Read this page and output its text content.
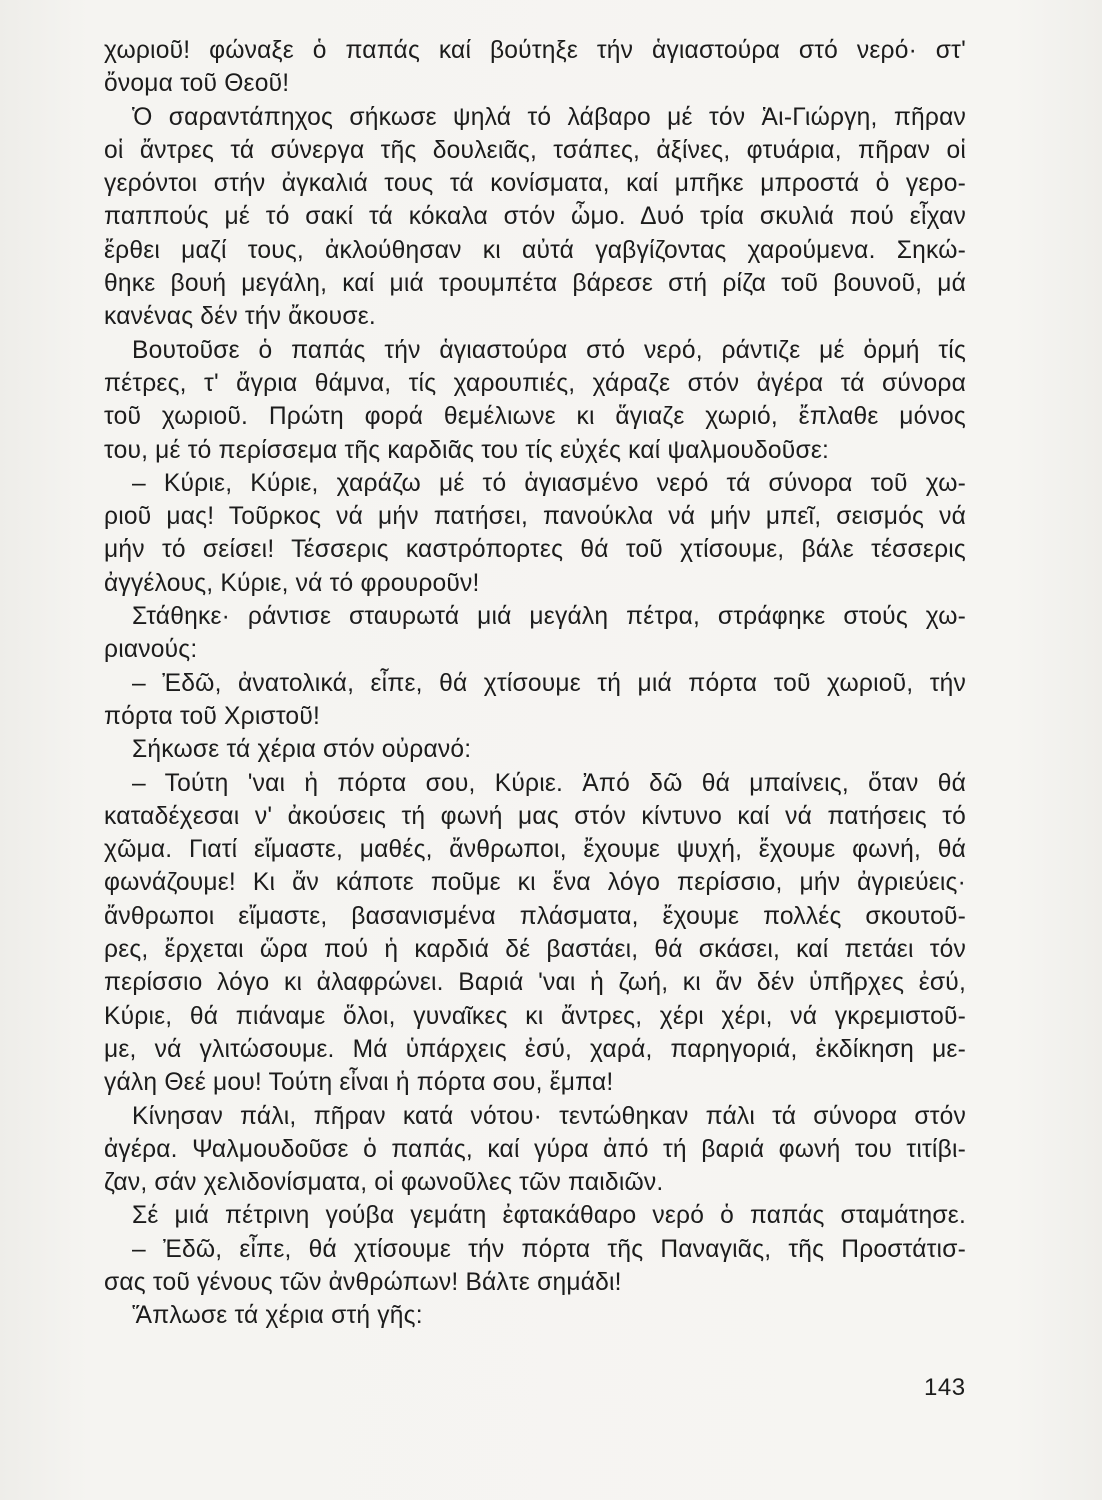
χωριοῦ! φώναξε ὁ παπάς καί βούτηξε τήν ἁγιαστούρα στό νερό· στ'
ὄνομα τοῦ Θεοῦ!
Ὁ σαραντάπηχος σήκωσε ψηλά τό λάβαρο μέ τόν Ἁι-Γιώργη, πῆραν
οἱ ἄντρες τά σύνεργα τῆς δουλειᾶς, τσάπες, ἀξίνες, φτυάρια, πῆραν οἱ
γερόντοι στήν ἀγκαλιά τους τά κονίσματα, καί μπῆκε μπροστά ὁ γερο-
παππούς μέ τό σακί τά κόκαλα στόν ὦμο. Δυό τρία σκυλιά πού εἶχαν
ἔρθει μαζί τους, ἀκλούθησαν κι αὐτά γαβγίζοντας χαρούμενα. Σηκώ-
θηκε βουή μεγάλη, καί μιά τρουμπέτα βάρεσε στή ρίζα τοῦ βουνοῦ, μά
κανένας δέν τήν ἄκουσε.
Βουτοῦσε ὁ παπάς τήν ἁγιαστούρα στό νερό, ράντιζε μέ ὁρμή τίς
πέτρες, τ' ἄγρια θάμνα, τίς χαρουπιές, χάραζε στόν ἀγέρα τά σύνορα
τοῦ χωριοῦ. Πρώτη φορά θεμέλιωνε κι ἅγιαζε χωριό, ἔπλαθε μόνος
του, μέ τό περίσσεμα τῆς καρδιᾶς του τίς εὐχές καί ψαλμουδοῦσε:
– Κύριε, Κύριε, χαράζω μέ τό ἁγιασμένο νερό τά σύνορα τοῦ χω-
ριοῦ μας! Τοῦρκος νά μήν πατήσει, πανούκλα νά μήν μπεῖ, σεισμός νά
μήν τό σείσει! Τέσσερις καστρόπορτες θά τοῦ χτίσουμε, βάλε τέσσερις
ἀγγέλους, Κύριε, νά τό φρουροῦν!
Στάθηκε· ράντισε σταυρωτά μιά μεγάλη πέτρα, στράφηκε στούς χω-
ριανούς:
– Ἐδῶ, ἀνατολικά, εἶπε, θά χτίσουμε τή μιά πόρτα τοῦ χωριοῦ, τήν
πόρτα τοῦ Χριστοῦ!
Σήκωσε τά χέρια στόν οὐρανό:
– Τούτη 'ναι ἡ πόρτα σου, Κύριε. Ἀπό δῶ θά μπαίνεις, ὅταν θά
καταδέχεσαι ν' ἀκούσεις τή φωνή μας στόν κίντυνο καί νά πατήσεις τό
χῶμα. Γιατί εἴμαστε, μαθές, ἄνθρωποι, ἔχουμε ψυχή, ἔχουμε φωνή, θά
φωνάζουμε! Κι ἄν κάποτε ποῦμε κι ἕνα λόγο περίσσιο, μήν ἀγριεύεις·
ἄνθρωποι εἴμαστε, βασανισμένα πλάσματα, ἔχουμε πολλές σκουτοῦ-
ρες, ἔρχεται ὥρα πού ἡ καρδιά δέ βαστάει, θά σκάσει, καί πετάει τόν
περίσσιο λόγο κι ἀλαφρώνει. Βαριά 'ναι ἡ ζωή, κι ἄν δέν ὑπῆρχες ἐσύ,
Κύριε, θά πιάναμε ὅλοι, γυναῖκες κι ἄντρες, χέρι χέρι, νά γκρεμιστοῦ-
με, νά γλιτώσουμε. Μά ὑπάρχεις ἐσύ, χαρά, παρηγοριά, ἐκδίκηση με-
γάλη Θεέ μου! Τούτη εἶναι ἡ πόρτα σου, ἔμπα!
Κίνησαν πάλι, πῆραν κατά νότου· τεντώθηκαν πάλι τά σύνορα στόν
ἀγέρα. Ψαλμουδοῦσε ὁ παπάς, καί γύρα ἀπό τή βαριά φωνή του τιτίβι-
ζαν, σάν χελιδονίσματα, οἱ φωνοῦλες τῶν παιδιῶν.
Σέ μιά πέτρινη γούβα γεμάτη ἐφτακάθαρο νερό ὁ παπάς σταμάτησε.
– Ἐδῶ, εἶπε, θά χτίσουμε τήν πόρτα τῆς Παναγιᾶς, τῆς Προστάτισ-
σας τοῦ γένους τῶν ἀνθρώπων! Βάλτε σημάδι!
Ἅπλωσε τά χέρια στή γῆς:
143
